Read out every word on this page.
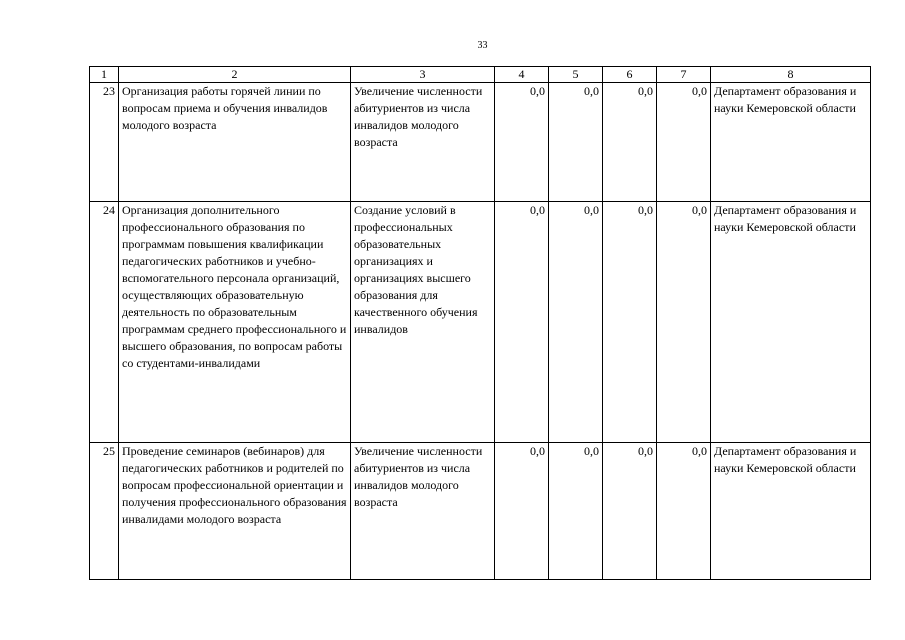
33
1	2	3	4	5	6	7	8
23	Организация работы горячей линии по вопросам приема и обучения инвалидов молодого возраста	Увеличение численности абитуриентов из числа инвалидов молодого возраста	0,0	0,0	0,0	0,0	Департамент образования и науки Кемеровской области
24	Организация дополнительного профессионального образования по программам повышения квалификации педагогических работников и учебно-вспомогательного персонала организаций, осуществляющих образовательную деятельность по образовательным программам среднего профессионального и высшего образования, по вопросам работы со студентами-инвалидами	Создание условий в профессиональных образовательных организациях и организациях высшего образования для качественного обучения инвалидов	0,0	0,0	0,0	0,0	Департамент образования и науки Кемеровской области
25	Проведение семинаров (вебинаров) для педагогических работников и родителей по вопросам профессиональной ориентации и получения профессионального образования инвалидами молодого возраста	Увеличение численности абитуриентов из числа инвалидов молодого возраста	0,0	0,0	0,0	0,0	Департамент образования и науки Кемеровской области
